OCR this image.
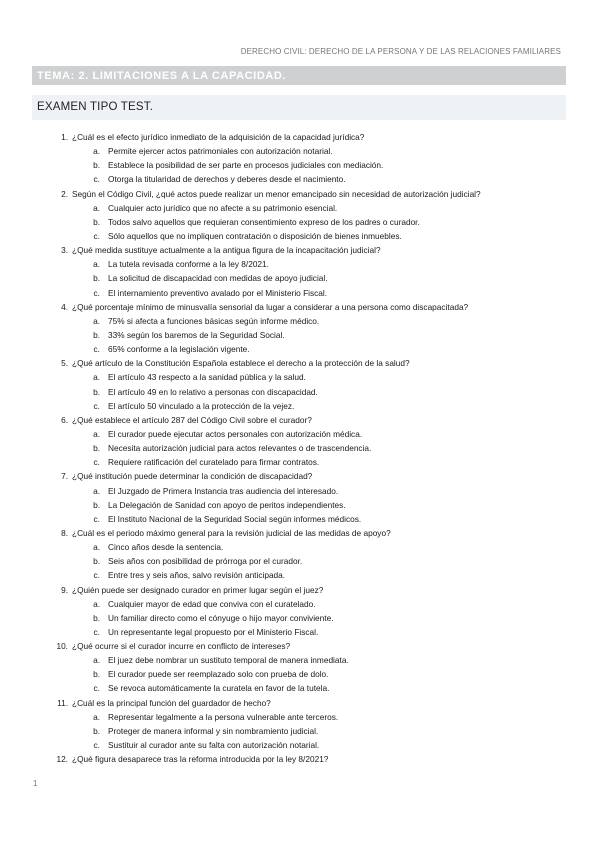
DERECHO CIVIL: DERECHO DE LA PERSONA Y DE LAS RELACIONES FAMILIARES
TEMA: 2. LIMITACIONES A LA CAPACIDAD.
EXAMEN TIPO TEST.
1. ¿Cuál es el efecto jurídico inmediato de la adquisición de la capacidad jurídica?
a. Permite ejercer actos patrimoniales con autorización notarial.
b. Establece la posibilidad de ser parte en procesos judiciales con mediación.
c. Otorga la titularidad de derechos y deberes desde el nacimiento.
2. Según el Código Civil, ¿qué actos puede realizar un menor emancipado sin necesidad de autorización judicial?
a. Cualquier acto jurídico que no afecte a su patrimonio esencial.
b. Todos salvo aquellos que requieran consentimiento expreso de los padres o curador.
c. Sólo aquellos que no impliquen contratación o disposición de bienes inmuebles.
3. ¿Qué medida sustituye actualmente a la antigua figura de la incapacitación judicial?
a. La tutela revisada conforme a la ley 8/2021.
b. La solicitud de discapacidad con medidas de apoyo judicial.
c. El internamiento preventivo avalado por el Ministerio Fiscal.
4. ¿Qué porcentaje mínimo de minusvalía sensorial da lugar a considerar a una persona como discapacitada?
a. 75% si afecta a funciones básicas según informe médico.
b. 33% según los baremos de la Seguridad Social.
c. 65% conforme a la legislación vigente.
5. ¿Qué artículo de la Constitución Española establece el derecho a la protección de la salud?
a. El artículo 43 respecto a la sanidad pública y la salud.
b. El artículo 49 en lo relativo a personas con discapacidad.
c. El artículo 50 vinculado a la protección de la vejez.
6. ¿Qué establece el artículo 287 del Código Civil sobre el curador?
a. El curador puede ejecutar actos personales con autorización médica.
b. Necesita autorización judicial para actos relevantes o de trascendencia.
c. Requiere ratificación del curatelado para firmar contratos.
7. ¿Qué institución puede determinar la condición de discapacidad?
a. El Juzgado de Primera Instancia tras audiencia del interesado.
b. La Delegación de Sanidad con apoyo de peritos independientes.
c. El Instituto Nacional de la Seguridad Social según informes médicos.
8. ¿Cuál es el periodo máximo general para la revisión judicial de las medidas de apoyo?
a. Cinco años desde la sentencia.
b. Seis años con posibilidad de prórroga por el curador.
c. Entre tres y seis años, salvo revisión anticipada.
9. ¿Quién puede ser designado curador en primer lugar según el juez?
a. Cualquier mayor de edad que conviva con el curatelado.
b. Un familiar directo como el cónyuge o hijo mayor conviviente.
c. Un representante legal propuesto por el Ministerio Fiscal.
10. ¿Qué ocurre si el curador incurre en conflicto de intereses?
a. El juez debe nombrar un sustituto temporal de manera inmediata.
b. El curador puede ser reemplazado solo con prueba de dolo.
c. Se revoca automáticamente la curatela en favor de la tutela.
11. ¿Cuál es la principal función del guardador de hecho?
a. Representar legalmente a la persona vulnerable ante terceros.
b. Proteger de manera informal y sin nombramiento judicial.
c. Sustituir al curador ante su falta con autorización notarial.
12. ¿Qué figura desaparece tras la reforma introducida por la ley 8/2021?
1
